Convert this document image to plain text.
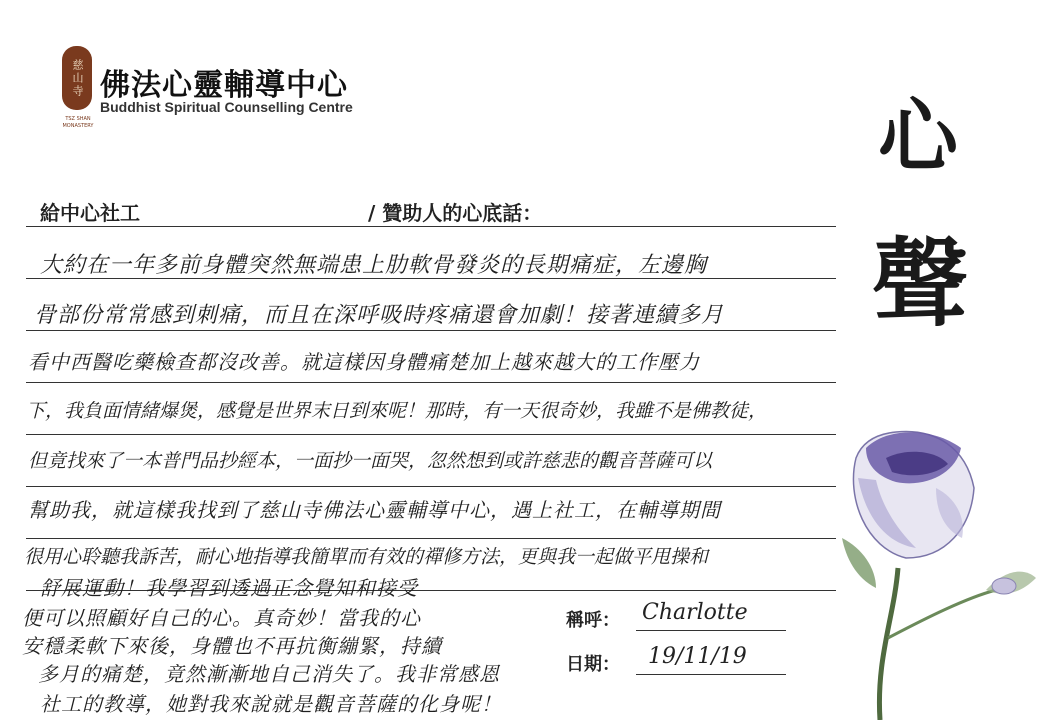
慈山寺
TSZ SHAN MONASTERY
佛法心靈輔導中心
Buddhist Spiritual Counselling Centre	心
聲
給中心社工	/ 贊助人的心底話：
大約在一年多前身體突然無端患上肋軟骨發炎的長期痛症，左邊胸
骨部份常常感到刺痛，而且在深呼吸時疼痛還會加劇！接著連續多月
看中西醫吃藥檢查都沒改善。就這樣因身體痛楚加上越來越大的工作壓力
下，我負面情緒爆煲，感覺是世界末日到來呢！那時，有一天很奇妙，我雖不是佛教徒，
但竟找來了一本普門品抄經本，一面抄一面哭，忽然想到或許慈悲的觀音菩薩可以
幫助我，就這樣我找到了慈山寺佛法心靈輔導中心，遇上社工，在輔導期間
很用心聆聽我訴苦，耐心地指導我簡單而有效的禪修方法，更與我一起做平甩操和
舒展運動！我學習到透過正念覺知和接受
便可以照顧好自己的心。真奇妙！當我的心
安穩柔軟下來後，身體也不再抗衡繃緊，持續
多月的痛楚，竟然漸漸地自己消失了。我非常感恩
社工的教導，她對我來說就是觀音菩薩的化身呢！
稱呼： Charlotte
日期： 19/11/19
